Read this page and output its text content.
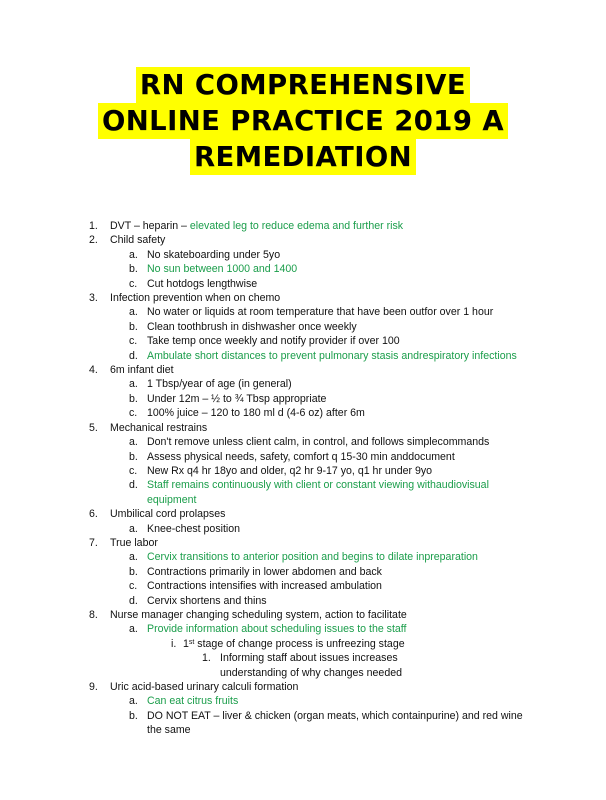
RN COMPREHENSIVE
ONLINE PRACTICE 2019 A
REMEDIATION
1. DVT – heparin – elevated leg to reduce edema and further risk
2. Child safety
a. No skateboarding under 5yo
b. No sun between 1000 and 1400
c. Cut hotdogs lengthwise
3. Infection prevention when on chemo
a. No water or liquids at room temperature that have been outfor over 1 hour
b. Clean toothbrush in dishwasher once weekly
c. Take temp once weekly and notify provider if over 100
d. Ambulate short distances to prevent pulmonary stasis andrespiratory infections
4. 6m infant diet
a. 1 Tbsp/year of age (in general)
b. Under 12m – ½ to ¾ Tbsp appropriate
c. 100% juice – 120 to 180 ml d (4-6 oz) after 6m
5. Mechanical restrains
a. Don't remove unless client calm, in control, and follows simplecommands
b. Assess physical needs, safety, comfort q 15-30 min anddocument
c. New Rx q4 hr 18yo and older, q2 hr 9-17 yo, q1 hr under 9yo
d. Staff remains continuously with client or constant viewing withaudiovisual equipment
6. Umbilical cord prolapses
a. Knee-chest position
7. True labor
a. Cervix transitions to anterior position and begins to dilate inpreparation
b. Contractions primarily in lower abdomen and back
c. Contractions intensifies with increased ambulation
d. Cervix shortens and thins
8. Nurse manager changing scheduling system, action to facilitate
a. Provide information about scheduling issues to the staff
i. 1st stage of change process is unfreezing stage
1. Informing staff about issues increases understanding of why changes needed
9. Uric acid-based urinary calculi formation
a. Can eat citrus fruits
b. DO NOT EAT – liver & chicken (organ meats, which containpurine) and red wine the same
